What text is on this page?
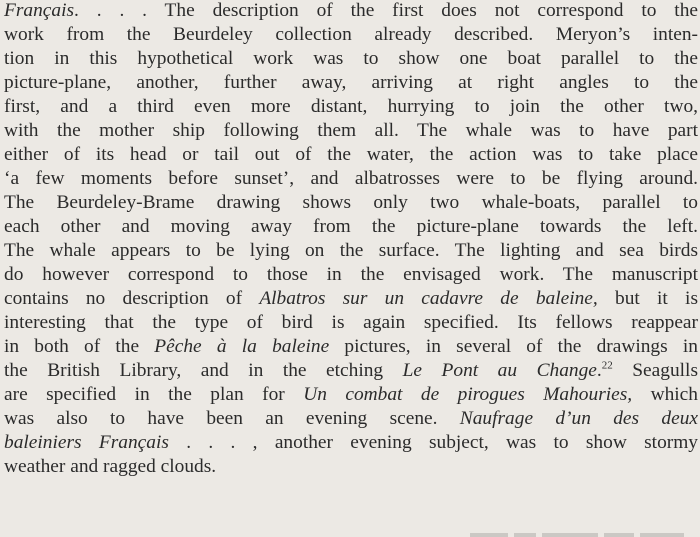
Français. . . . The description of the first does not correspond to the
work from the Beurdeley collection already described. Meryon’s inten-
tion in this hypothetical work was to show one boat parallel to the
picture-plane, another, further away, arriving at right angles to the
first, and a third even more distant, hurrying to join the other two,
with the mother ship following them all. The whale was to have part
either of its head or tail out of the water, the action was to take place
‘a few moments before sunset’, and albatrosses were to be flying around.
The Beurdeley-Brame drawing shows only two whale-boats, parallel to
each other and moving away from the picture-plane towards the left.
The whale appears to be lying on the surface. The lighting and sea birds
do however correspond to those in the envisaged work. The manuscript
contains no description of Albatros sur un cadavre de baleine, but it is
interesting that the type of bird is again specified. Its fellows reappear
in both of the Pêche à la baleine pictures, in several of the drawings in
the British Library, and in the etching Le Pont au Change.$^{22}$ Seagulls
are specified in the plan for Un combat de pirogues Mahouries, which
was also to have been an evening scene. Naufrage d’un des deux
baleiniers Français . . . , another evening subject, was to show stormy
weather and ragged clouds.
